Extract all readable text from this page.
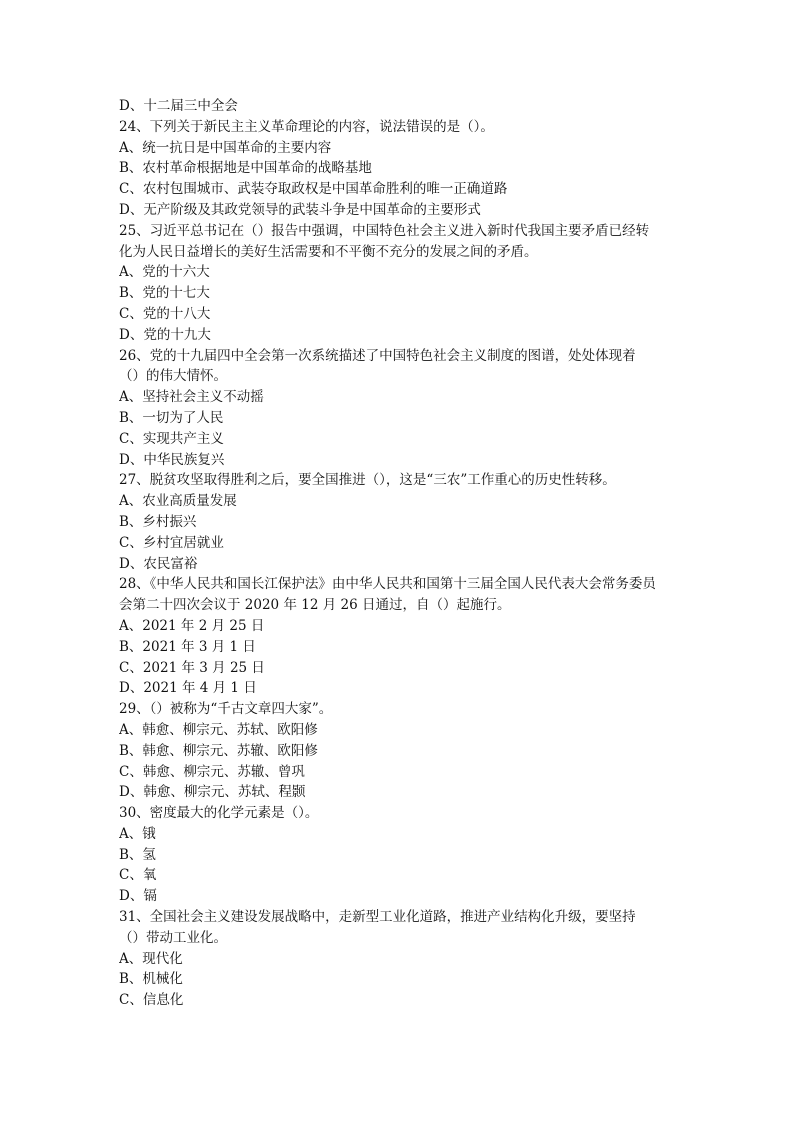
D、十二届三中全会
24、下列关于新民主主义革命理论的内容，说法错误的是（）。
A、统一抗日是中国革命的主要内容
B、农村革命根据地是中国革命的战略基地
C、农村包围城市、武装夺取政权是中国革命胜利的唯一正确道路
D、无产阶级及其政党领导的武装斗争是中国革命的主要形式
25、习近平总书记在（）报告中强调，中国特色社会主义进入新时代我国主要矛盾已经转
化为人民日益增长的美好生活需要和不平衡不充分的发展之间的矛盾。
A、党的十六大
B、党的十七大
C、党的十八大
D、党的十九大
26、党的十九届四中全会第一次系统描述了中国特色社会主义制度的图谱，处处体现着
（）的伟大情怀。
A、坚持社会主义不动摇
B、一切为了人民
C、实现共产主义
D、中华民族复兴
27、脱贫攻坚取得胜利之后，要全国推进（），这是“三农”工作重心的历史性转移。
A、农业高质量发展
B、乡村振兴
C、乡村宜居就业
D、农民富裕
28、《中华人民共和国长江保护法》由中华人民共和国第十三届全国人民代表大会常务委员
会第二十四次会议于 2020 年 12 月 26 日通过，自（）起施行。
A、2021 年 2 月 25 日
B、2021 年 3 月 1 日
C、2021 年 3 月 25 日
D、2021 年 4 月 1 日
29、（）被称为“千古文章四大家”。
A、韩愈、柳宗元、苏轼、欧阳修
B、韩愈、柳宗元、苏辙、欧阳修
C、韩愈、柳宗元、苏辙、曾巩
D、韩愈、柳宗元、苏轼、程颢
30、密度最大的化学元素是（）。
A、锇
B、氢
C、氧
D、镉
31、全国社会主义建设发展战略中，走新型工业化道路，推进产业结构化升级，要坚持
（）带动工业化。
A、现代化
B、机械化
C、信息化
